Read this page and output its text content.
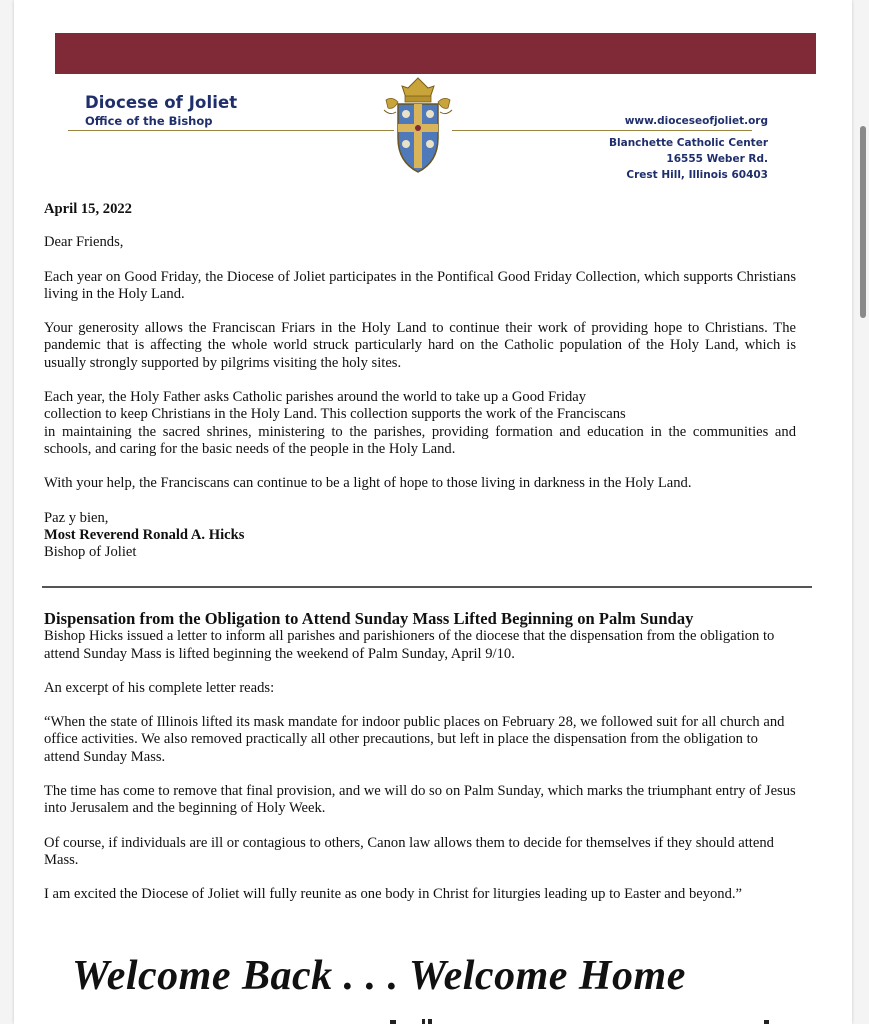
Diocese of Joliet
Office of the Bishop	www.dioceseofjoliet.org
Blanchette Catholic Center
16555 Weber Rd.
Crest Hill, Illinois 60403

April 15, 2022

Dear Friends,

Each year on Good Friday, the Diocese of Joliet participates in the Pontifical Good Friday Collection, which supports Christians living in the Holy Land.

Your generosity allows the Franciscan Friars in the Holy Land to continue their work of providing hope to Christians. The pandemic that is affecting the whole world struck particularly hard on the Catholic population of the Holy Land, which is usually strongly supported by pilgrims visiting the holy sites.

Each year, the Holy Father asks Catholic parishes around the world to take up a Good Friday
collection to keep Christians in the Holy Land. This collection supports the work of the Franciscans
in maintaining the sacred shrines, ministering to the parishes, providing formation and education in the communities and schools, and caring for the basic needs of the people in the Holy Land.

With your help, the Franciscans can continue to be a light of hope to those living in darkness in the Holy Land.

Paz y bien,

Most Reverend Ronald A. Hicks

Bishop of Joliet

Dispensation from the Obligation to Attend Sunday Mass Lifted Beginning on Palm Sunday

Bishop Hicks issued a letter to inform all parishes and parishioners of the diocese that the dispensation from the obligation to attend Sunday Mass is lifted beginning the weekend of Palm Sunday, April 9/10.

An excerpt of his complete letter reads:

“When the state of Illinois lifted its mask mandate for indoor public places on February 28, we followed suit for all church and office activities. We also removed practically all other precautions, but left in place the dispensation from the obligation to attend Sunday Mass.

The time has come to remove that final provision, and we will do so on Palm Sunday, which marks the triumphant entry of Jesus into Jerusalem and the beginning of Holy Week.

Of course, if individuals are ill or contagious to others, Canon law allows them to decide for themselves if they should attend Mass.

I am excited the Diocese of Joliet will fully reunite as one body in Christ for liturgies leading up to Easter and beyond.”

Welcome Back . . . Welcome Home
